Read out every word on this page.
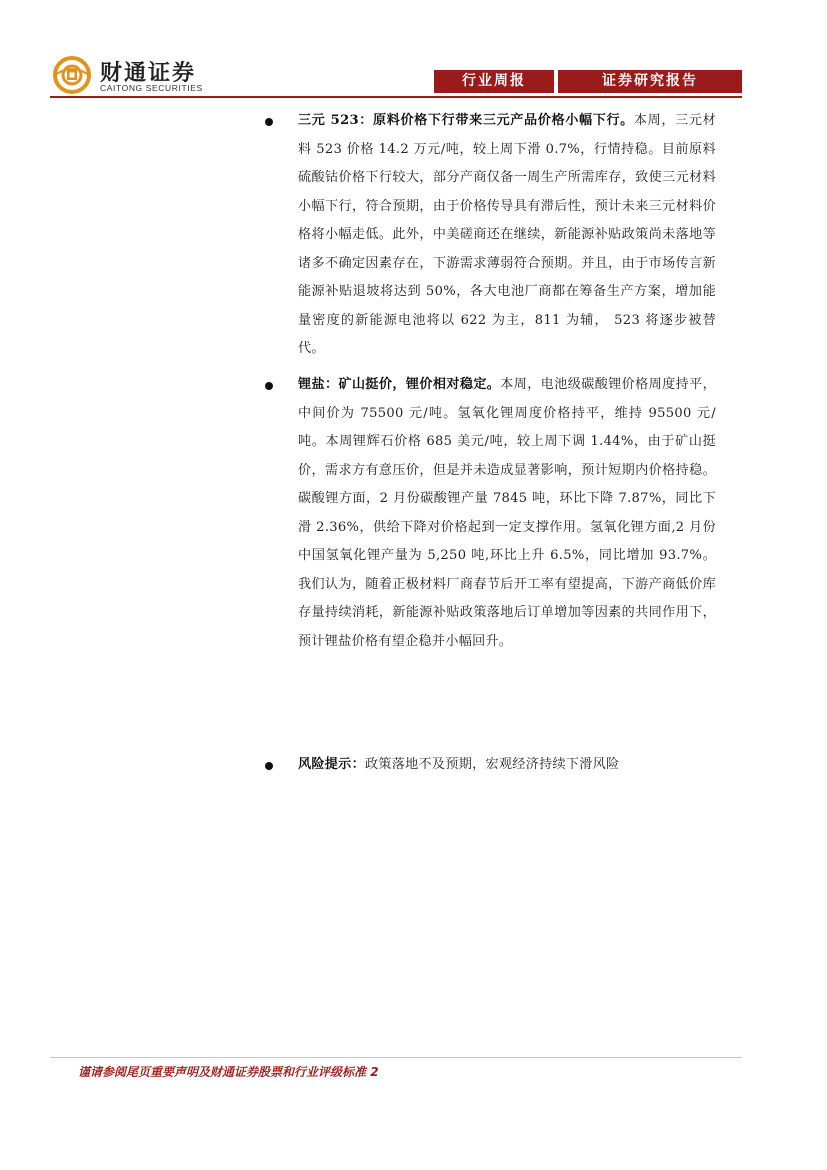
财通证券
CAITONG SECURITIES	行业周报	证券研究报告

三元 523：原料价格下行带来三元产品价格小幅下行。本周，三元材料 523 价格 14.2 万元/吨，较上周下滑 0.7%，行情持稳。目前原料硫酸钴价格下行较大，部分产商仅备一周生产所需库存，致使三元材料小幅下行，符合预期，由于价格传导具有滞后性，预计未来三元材料价格将小幅走低。此外，中美磋商还在继续，新能源补贴政策尚未落地等诸多不确定因素存在，下游需求薄弱符合预期。并且，由于市场传言新能源补贴退坡将达到 50%，各大电池厂商都在筹备生产方案，增加能量密度的新能源电池将以 622 为主，811 为辅， 523 将逐步被替代。

锂盐：矿山挺价，锂价相对稳定。本周，电池级碳酸锂价格周度持平，中间价为 75500 元/吨。氢氧化锂周度价格持平，维持 95500 元/吨。本周锂辉石价格 685 美元/吨，较上周下调 1.44%，由于矿山挺价，需求方有意压价，但是并未造成显著影响，预计短期内价格持稳。碳酸锂方面，2 月份碳酸锂产量 7845 吨，环比下降 7.87%，同比下滑 2.36%，供给下降对价格起到一定支撑作用。氢氧化锂方面,2 月份中国氢氧化锂产量为 5,250 吨,环比上升 6.5%，同比增加 93.7%。我们认为，随着正极材料厂商春节后开工率有望提高，下游产商低价库存量持续消耗，新能源补贴政策落地后订单增加等因素的共同作用下，预计锂盐价格有望企稳并小幅回升。

风险提示：政策落地不及预期，宏观经济持续下滑风险

谨请参阅尾页重要声明及财通证券股票和行业评级标准 2
